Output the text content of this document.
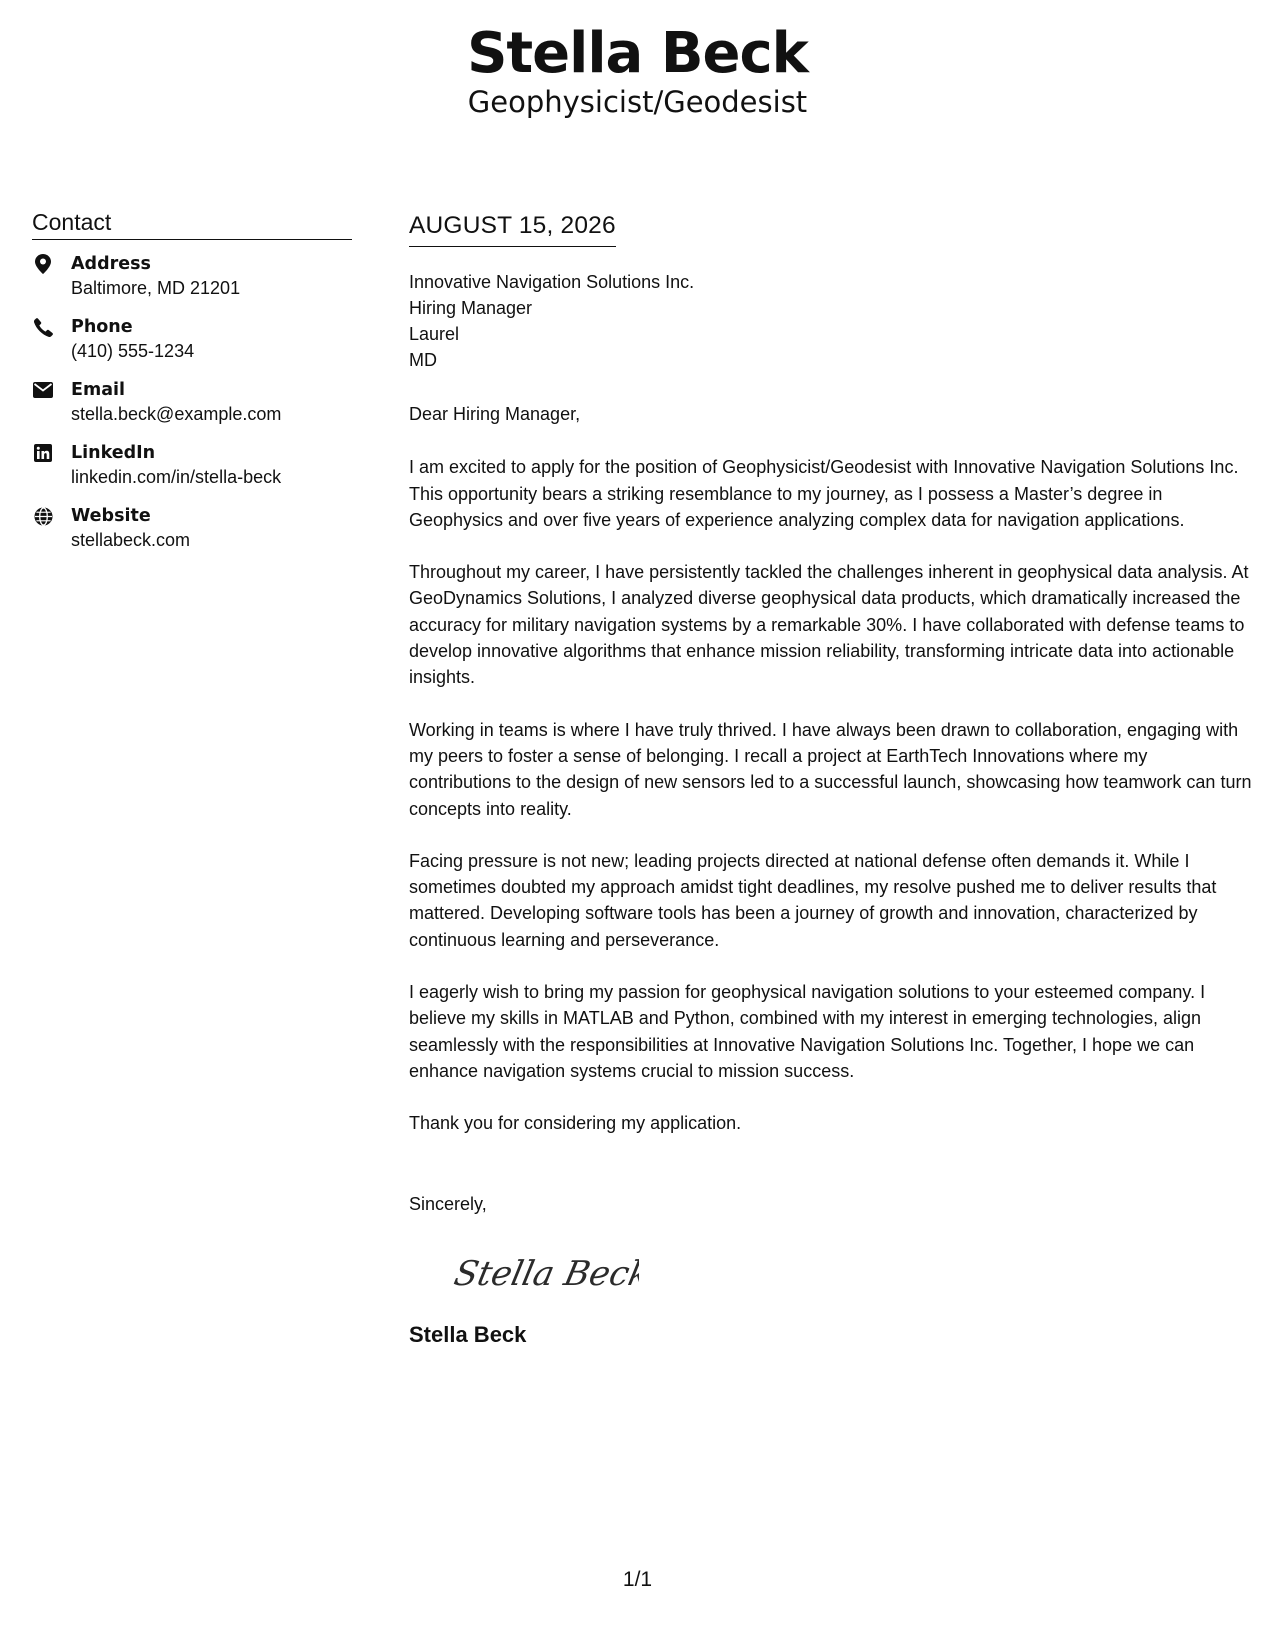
Stella Beck
Geophysicist/Geodesist
Contact
Address
Baltimore, MD 21201
Phone
(410) 555-1234
Email
stella.beck@example.com
LinkedIn
linkedin.com/in/stella-beck
Website
stellabeck.com
AUGUST 15, 2026
Innovative Navigation Solutions Inc.
Hiring Manager
Laurel
MD

Dear Hiring Manager,

I am excited to apply for the position of Geophysicist/Geodesist with Innovative Navigation Solutions Inc. This opportunity bears a striking resemblance to my journey, as I possess a Master’s degree in Geophysics and over five years of experience analyzing complex data for navigation applications.

Throughout my career, I have persistently tackled the challenges inherent in geophysical data analysis. At GeoDynamics Solutions, I analyzed diverse geophysical data products, which dramatically increased the accuracy for military navigation systems by a remarkable 30%. I have collaborated with defense teams to develop innovative algorithms that enhance mission reliability, transforming intricate data into actionable insights.

Working in teams is where I have truly thrived. I have always been drawn to collaboration, engaging with my peers to foster a sense of belonging. I recall a project at EarthTech Innovations where my contributions to the design of new sensors led to a successful launch, showcasing how teamwork can turn concepts into reality.

Facing pressure is not new; leading projects directed at national defense often demands it. While I sometimes doubted my approach amidst tight deadlines, my resolve pushed me to deliver results that mattered. Developing software tools has been a journey of growth and innovation, characterized by continuous learning and perseverance.

I eagerly wish to bring my passion for geophysical navigation solutions to your esteemed company. I believe my skills in MATLAB and Python, combined with my interest in emerging technologies, align seamlessly with the responsibilities at Innovative Navigation Solutions Inc. Together, I hope we can enhance navigation systems crucial to mission success.

Thank you for considering my application.

Sincerely,

Stella Beck
Stella Beck
1/1
